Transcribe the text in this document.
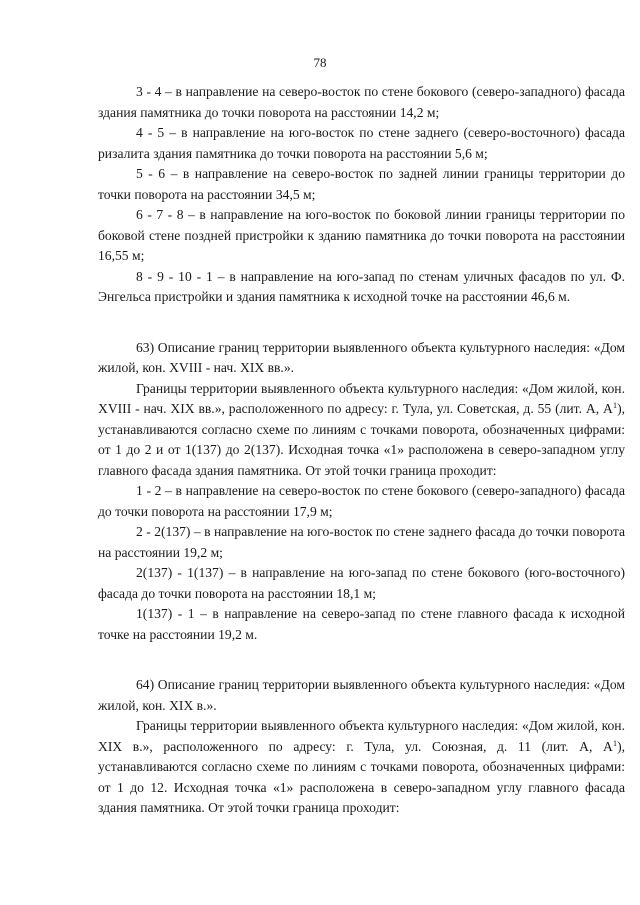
78

3 - 4 – в направление на северо-восток по стене бокового (северо-западного) фасада здания памятника до точки поворота на расстоянии 14,2 м;

4 - 5 – в направление на юго-восток по стене заднего (северо-восточного) фасада ризалита здания памятника до точки поворота на расстоянии 5,6 м;

5 - 6 – в направление на северо-восток по задней линии границы территории до точки поворота на расстоянии 34,5 м;

6 - 7 - 8 – в направление на юго-восток по боковой линии границы территории по боковой стене поздней пристройки к зданию памятника до точки поворота на расстоянии 16,55 м;

8 - 9 - 10 - 1 – в направление на юго-запад по стенам уличных фасадов по ул. Ф. Энгельса пристройки и здания памятника к исходной точке на расстоянии 46,6 м.

63) Описание границ территории выявленного объекта культурного наследия: «Дом жилой, кон. XVIII - нач. XIX вв.».

Границы территории выявленного объекта культурного наследия: «Дом жилой, кон. XVIII - нач. XIX вв.», расположенного по адресу: г. Тула, ул. Советская, д. 55 (лит. А, $А^1$), устанавливаются согласно схеме по линиям с точками поворота, обозначенных цифрами: от 1 до 2 и от 1(137) до 2(137). Исходная точка «1» расположена в северо-западном углу главного фасада здания памятника. От этой точки граница проходит:

1 - 2 – в направление на северо-восток по стене бокового (северо-западного) фасада до точки поворота на расстоянии 17,9 м;

2 - 2(137) – в направление на юго-восток по стене заднего фасада до точки поворота на расстоянии 19,2 м;

2(137) - 1(137) – в направление на юго-запад по стене бокового (юго-восточного) фасада до точки поворота на расстоянии 18,1 м;

1(137) - 1 – в направление на северо-запад по стене главного фасада к исходной точке на расстоянии 19,2 м.

64) Описание границ территории выявленного объекта культурного наследия: «Дом жилой, кон. XIX в.».

Границы территории выявленного объекта культурного наследия: «Дом жилой, кон. XIX в.», расположенного по адресу: г. Тула, ул. Союзная, д. 11 (лит. А, $А^1$), устанавливаются согласно схеме по линиям с точками поворота, обозначенных цифрами: от 1 до 12. Исходная точка «1» расположена в северо-западном углу главного фасада здания памятника. От этой точки граница проходит:
